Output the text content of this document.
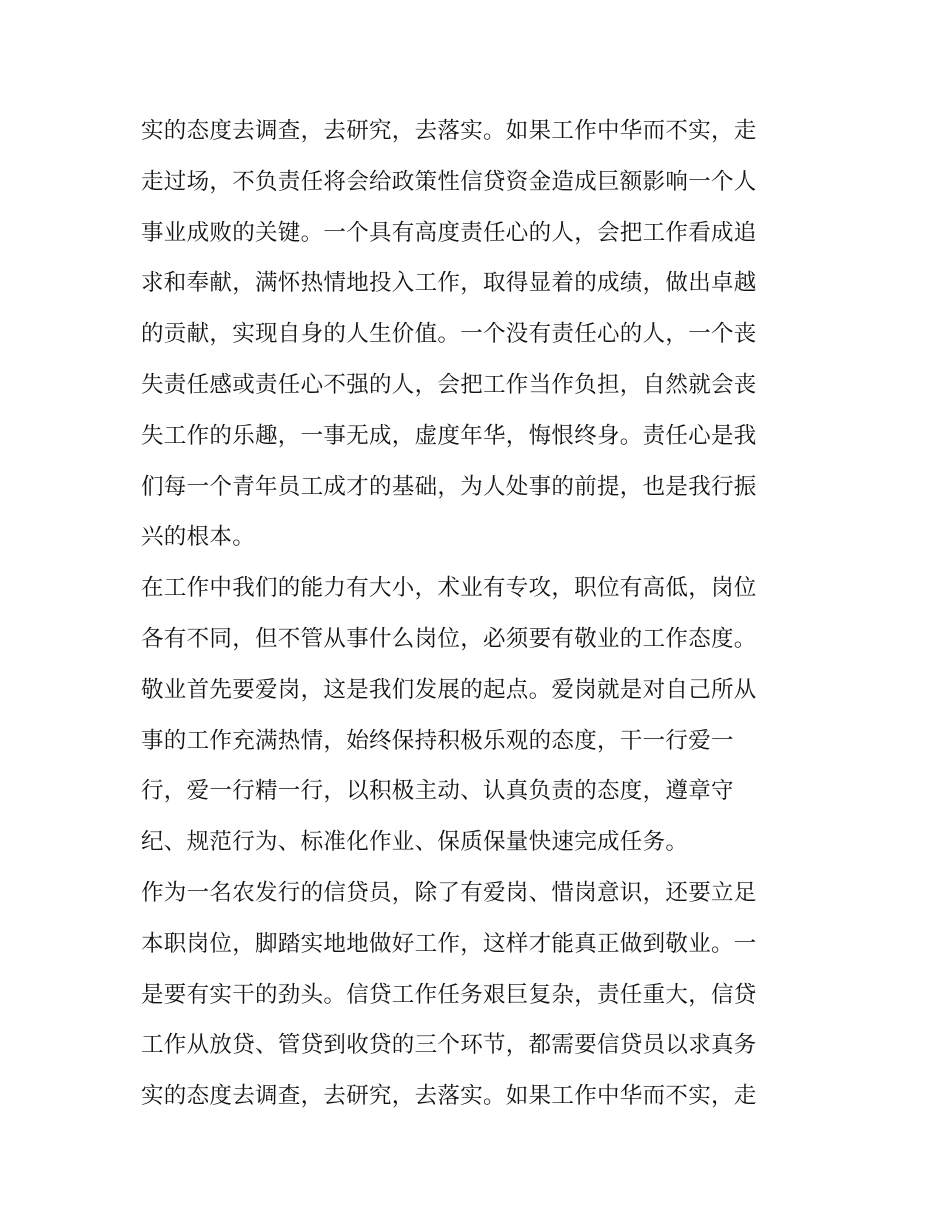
实的态度去调查，去研究，去落实。如果工作中华而不实，走
走过场，不负责任将会给政策性信贷资金造成巨额影响一个人
事业成败的关键。一个具有高度责任心的人，会把工作看成追
求和奉献，满怀热情地投入工作，取得显着的成绩，做出卓越
的贡献，实现自身的人生价值。一个没有责任心的人，一个丧
失责任感或责任心不强的人，会把工作当作负担，自然就会丧
失工作的乐趣，一事无成，虚度年华，悔恨终身。责任心是我
们每一个青年员工成才的基础，为人处事的前提，也是我行振
兴的根本。
在工作中我们的能力有大小，术业有专攻，职位有高低，岗位
各有不同，但不管从事什么岗位，必须要有敬业的工作态度。
敬业首先要爱岗，这是我们发展的起点。爱岗就是对自己所从
事的工作充满热情，始终保持积极乐观的态度，干一行爱一
行，爱一行精一行，以积极主动、认真负责的态度，遵章守
纪、规范行为、标准化作业、保质保量快速完成任务。
作为一名农发行的信贷员，除了有爱岗、惜岗意识，还要立足
本职岗位，脚踏实地地做好工作，这样才能真正做到敬业。一
是要有实干的劲头。信贷工作任务艰巨复杂，责任重大，信贷
工作从放贷、管贷到收贷的三个环节，都需要信贷员以求真务
实的态度去调查，去研究，去落实。如果工作中华而不实，走
